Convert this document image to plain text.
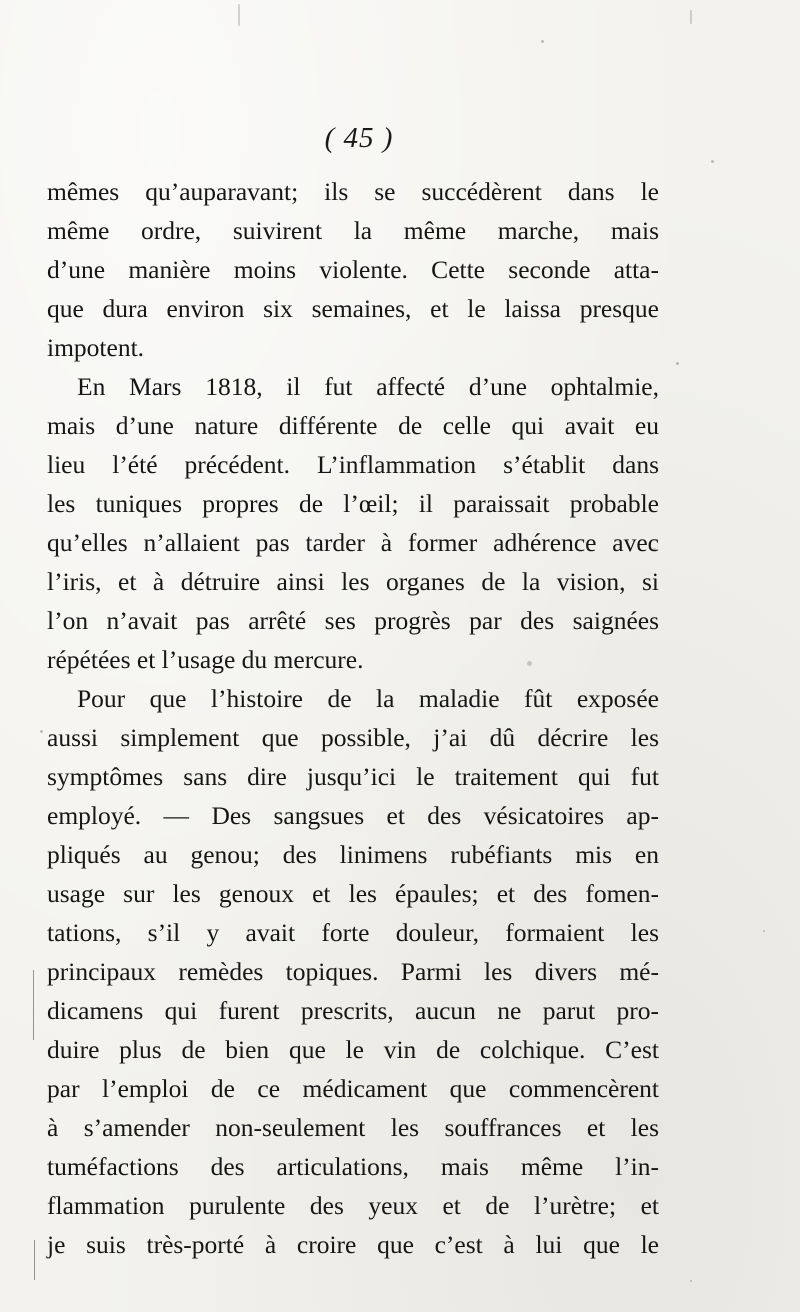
( 45 )
mêmes qu’auparavant; ils se succédèrent dans le
même ordre, suivirent la même marche, mais
d’une manière moins violente. Cette seconde atta-
que dura environ six semaines, et le laissa presque
impotent.
En Mars 1818, il fut affecté d’une ophtalmie,
mais d’une nature différente de celle qui avait eu
lieu l’été précédent. L’inflammation s’établit dans
les tuniques propres de l’œil; il paraissait probable
qu’elles n’allaient pas tarder à former adhérence avec
l’iris, et à détruire ainsi les organes de la vision, si
l’on n’avait pas arrêté ses progrès par des saignées
répétées et l’usage du mercure.
Pour que l’histoire de la maladie fût exposée
aussi simplement que possible, j’ai dû décrire les
symptômes sans dire jusqu’ici le traitement qui fut
employé. — Des sangsues et des vésicatoires ap-
pliqués au genou; des linimens rubéfiants mis en
usage sur les genoux et les épaules; et des fomen-
tations, s’il y avait forte douleur, formaient les
principaux remèdes topiques. Parmi les divers mé-
dicamens qui furent prescrits, aucun ne parut pro-
duire plus de bien que le vin de colchique. C’est
par l’emploi de ce médicament que commencèrent
à s’amender non-seulement les souffrances et les
tuméfactions des articulations, mais même l’in-
flammation purulente des yeux et de l’urètre; et
je suis très-porté à croire que c’est à lui que le
